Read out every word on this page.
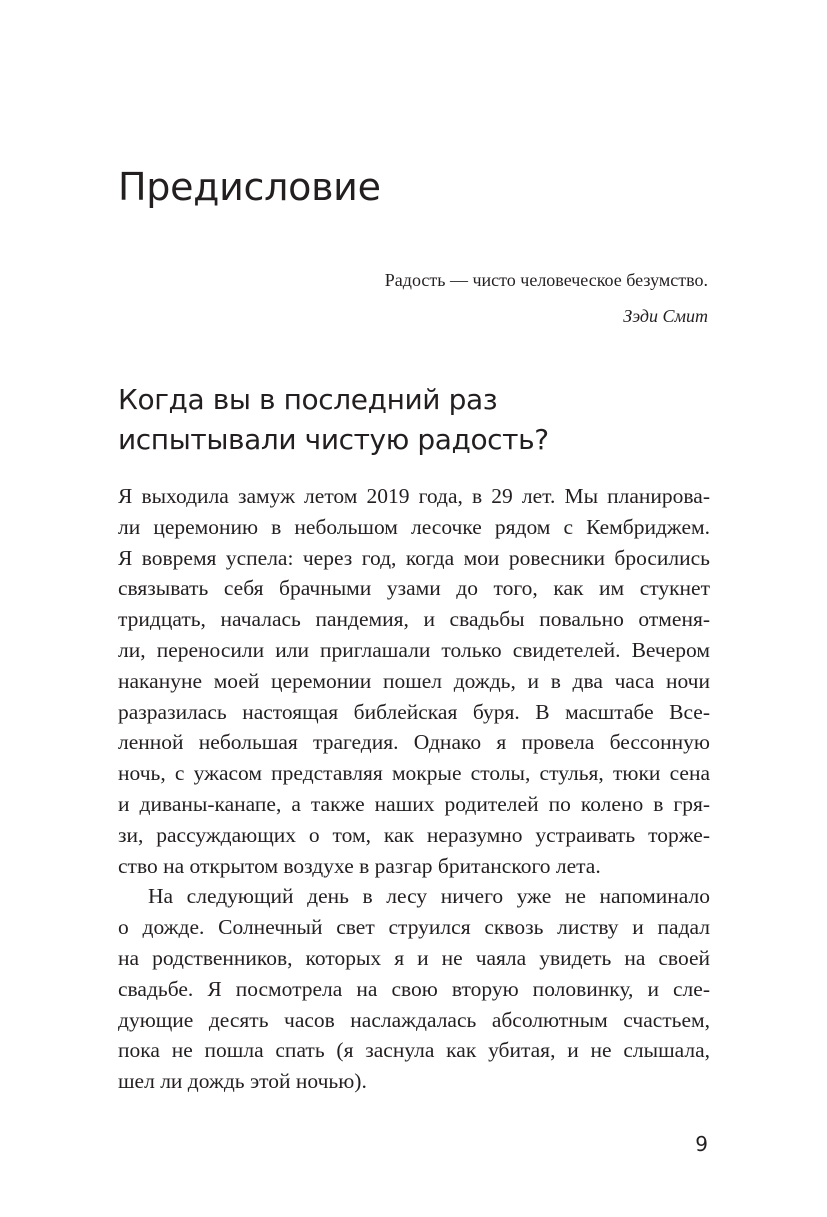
Предисловие
Радость — чисто человеческое безумство.
Зэди Смит
Когда вы в последний раз
испытывали чистую радость?

Я выходила замуж летом 2019 года, в 29 лет. Мы планирова-
ли церемонию в небольшом лесочке рядом с Кембриджем.
Я вовремя успела: через год, когда мои ровесники бросились
связывать себя брачными узами до того, как им стукнет
тридцать, началась пандемия, и свадьбы повально отменя-
ли, переносили или приглашали только свидетелей. Вечером
накануне моей церемонии пошел дождь, и в два часа ночи
разразилась настоящая библейская буря. В масштабе Все-
ленной небольшая трагедия. Однако я провела бессонную
ночь, с ужасом представляя мокрые столы, стулья, тюки сена
и диваны-канапе, а также наших родителей по колено в гря-
зи, рассуждающих о том, как неразумно устраивать торже-
ство на открытом воздухе в разгар британского лета.

На следующий день в лесу ничего уже не напоминало
о дожде. Солнечный свет струился сквозь листву и падал
на родственников, которых я и не чаяла увидеть на своей
свадьбе. Я посмотрела на свою вторую половинку, и сле-
дующие десять часов наслаждалась абсолютным счастьем,
пока не пошла спать (я заснула как убитая, и не слышала,
шел ли дождь этой ночью).

9
